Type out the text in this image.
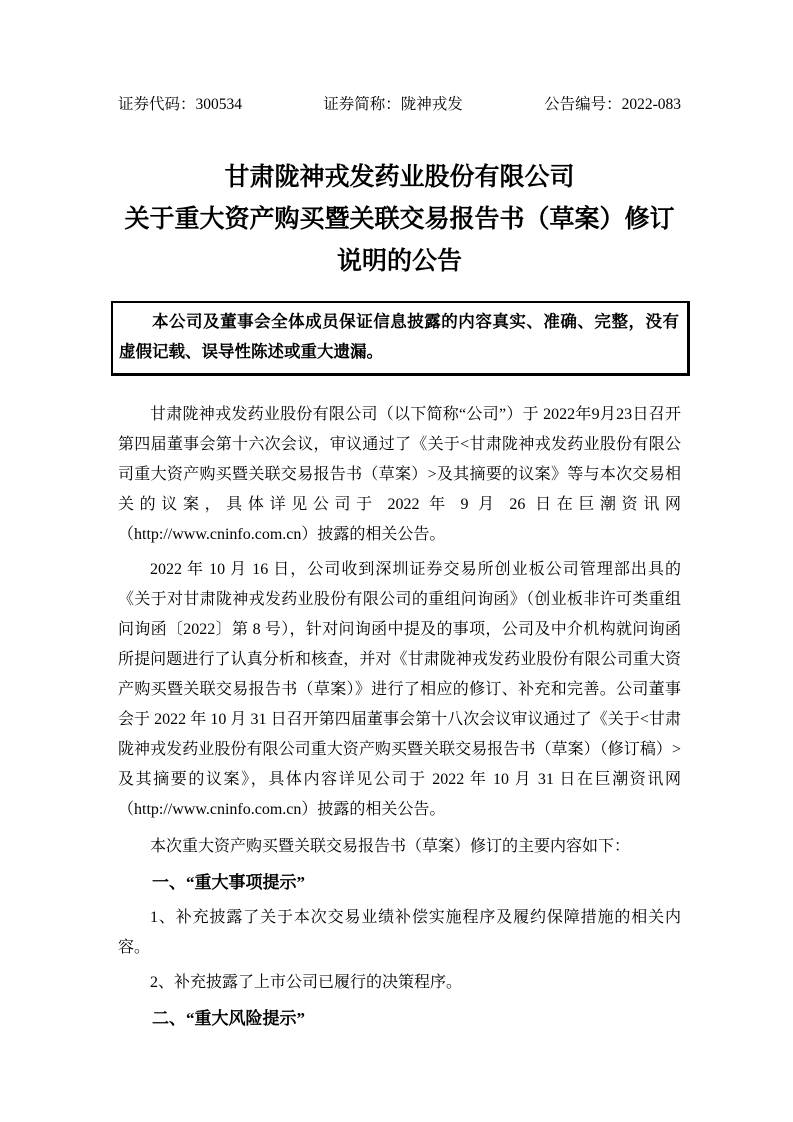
证券代码：300534	证券简称：陇神戎发	公告编号：2022-083
甘肃陇神戎发药业股份有限公司
关于重大资产购买暨关联交易报告书（草案）修订
说明的公告

本公司及董事会全体成员保证信息披露的内容真实、准确、完整，没有虚假记载、误导性陈述或重大遗漏。

甘肃陇神戎发药业股份有限公司（以下简称“公司”）于 2022年9月23日召开第四届董事会第十六次会议，审议通过了《关于<甘肃陇神戎发药业股份有限公司重大资产购买暨关联交易报告书（草案）>及其摘要的议案》等与本次交易相关的议案，具体详见公司于 2022 年 9 月 26 日在巨潮资讯网（http://www.cninfo.com.cn）披露的相关公告。

2022 年 10 月 16 日，公司收到深圳证券交易所创业板公司管理部出具的《关于对甘肃陇神戎发药业股份有限公司的重组问询函》（创业板非许可类重组问询函〔2022〕第 8 号），针对问询函中提及的事项，公司及中介机构就问询函所提问题进行了认真分析和核查，并对《甘肃陇神戎发药业股份有限公司重大资产购买暨关联交易报告书（草案）》进行了相应的修订、补充和完善。公司董事会于 2022 年 10 月 31 日召开第四届董事会第十八次会议审议通过了《关于<甘肃陇神戎发药业股份有限公司重大资产购买暨关联交易报告书（草案）（修订稿）>及其摘要的议案》，具体内容详见公司于 2022 年 10 月 31 日在巨潮资讯网（http://www.cninfo.com.cn）披露的相关公告。

本次重大资产购买暨关联交易报告书（草案）修订的主要内容如下：

一、“重大事项提示”

1、补充披露了关于本次交易业绩补偿实施程序及履约保障措施的相关内容。

2、补充披露了上市公司已履行的决策程序。

二、“重大风险提示”
